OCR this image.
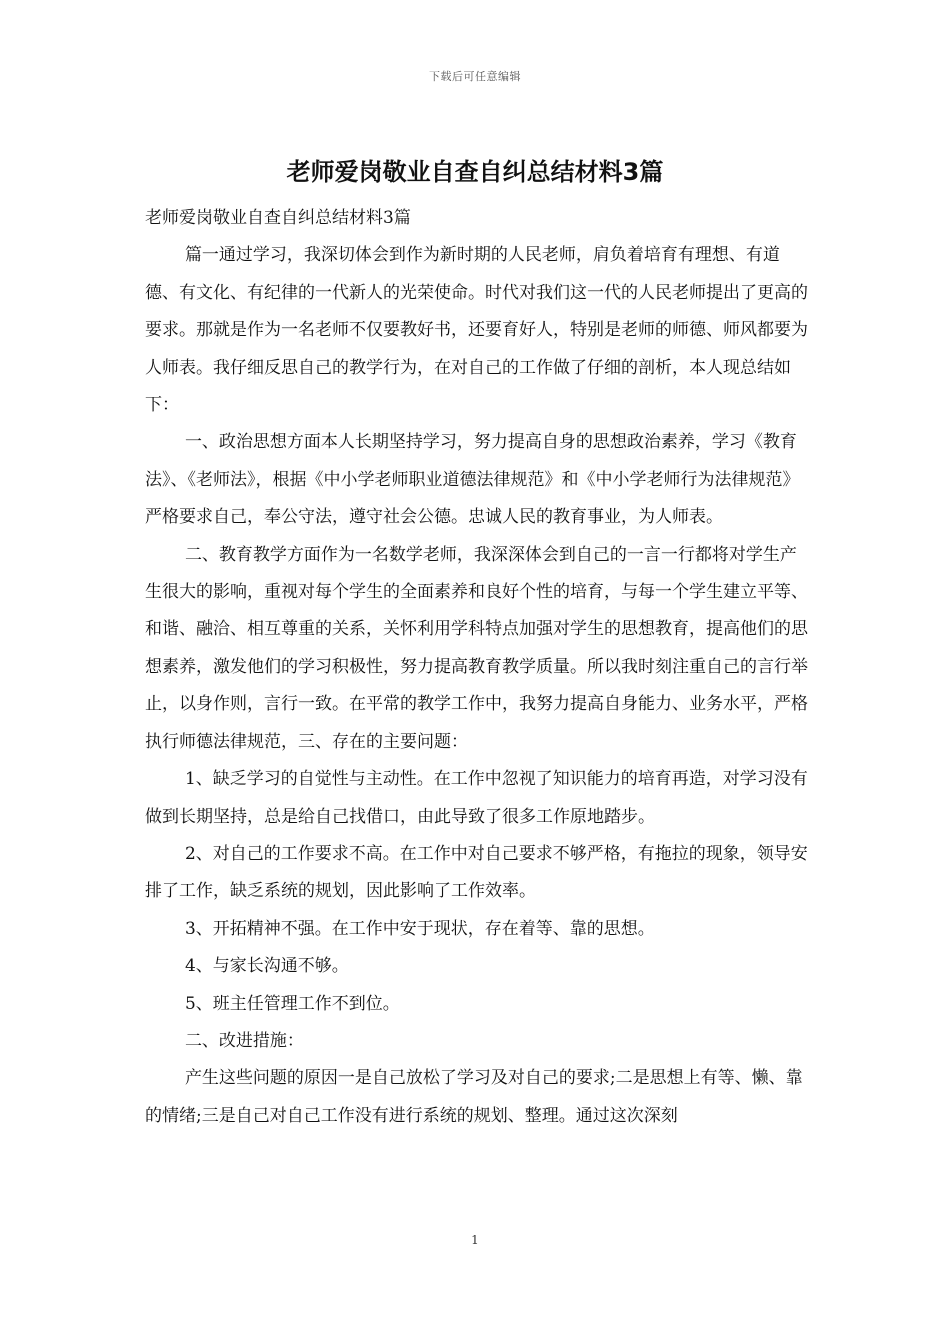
下载后可任意编辑
老师爱岗敬业自查自纠总结材料3篇

老师爱岗敬业自查自纠总结材料3篇

篇一通过学习，我深切体会到作为新时期的人民老师，肩负着培育有理想、有道德、有文化、有纪律的一代新人的光荣使命。时代对我们这一代的人民老师提出了更高的要求。那就是作为一名老师不仅要教好书，还要育好人，特别是老师的师德、师风都要为人师表。我仔细反思自己的教学行为，在对自己的工作做了仔细的剖析，本人现总结如下：

一、政治思想方面本人长期坚持学习，努力提高自身的思想政治素养，学习《教育法》、《老师法》，根据《中小学老师职业道德法律规范》和《中小学老师行为法律规范》严格要求自己，奉公守法，遵守社会公德。忠诚人民的教育事业，为人师表。

二、教育教学方面作为一名数学老师，我深深体会到自己的一言一行都将对学生产生很大的影响，重视对每个学生的全面素养和良好个性的培育，与每一个学生建立平等、和谐、融洽、相互尊重的关系，关怀利用学科特点加强对学生的思想教育，提高他们的思想素养，激发他们的学习积极性，努力提高教育教学质量。所以我时刻注重自己的言行举止，以身作则，言行一致。在平常的教学工作中，我努力提高自身能力、业务水平，严格执行师德法律规范，三、存在的主要问题：

1、缺乏学习的自觉性与主动性。在工作中忽视了知识能力的培育再造，对学习没有做到长期坚持，总是给自己找借口，由此导致了很多工作原地踏步。

2、对自己的工作要求不高。在工作中对自己要求不够严格，有拖拉的现象，领导安排了工作，缺乏系统的规划，因此影响了工作效率。

3、开拓精神不强。在工作中安于现状，存在着等、靠的思想。

4、与家长沟通不够。

5、班主任管理工作不到位。

二、改进措施：

产生这些问题的原因一是自己放松了学习及对自己的要求;二是思想上有等、懒、靠的情绪;三是自己对自己工作没有进行系统的规划、整理。通过这次深刻

1
